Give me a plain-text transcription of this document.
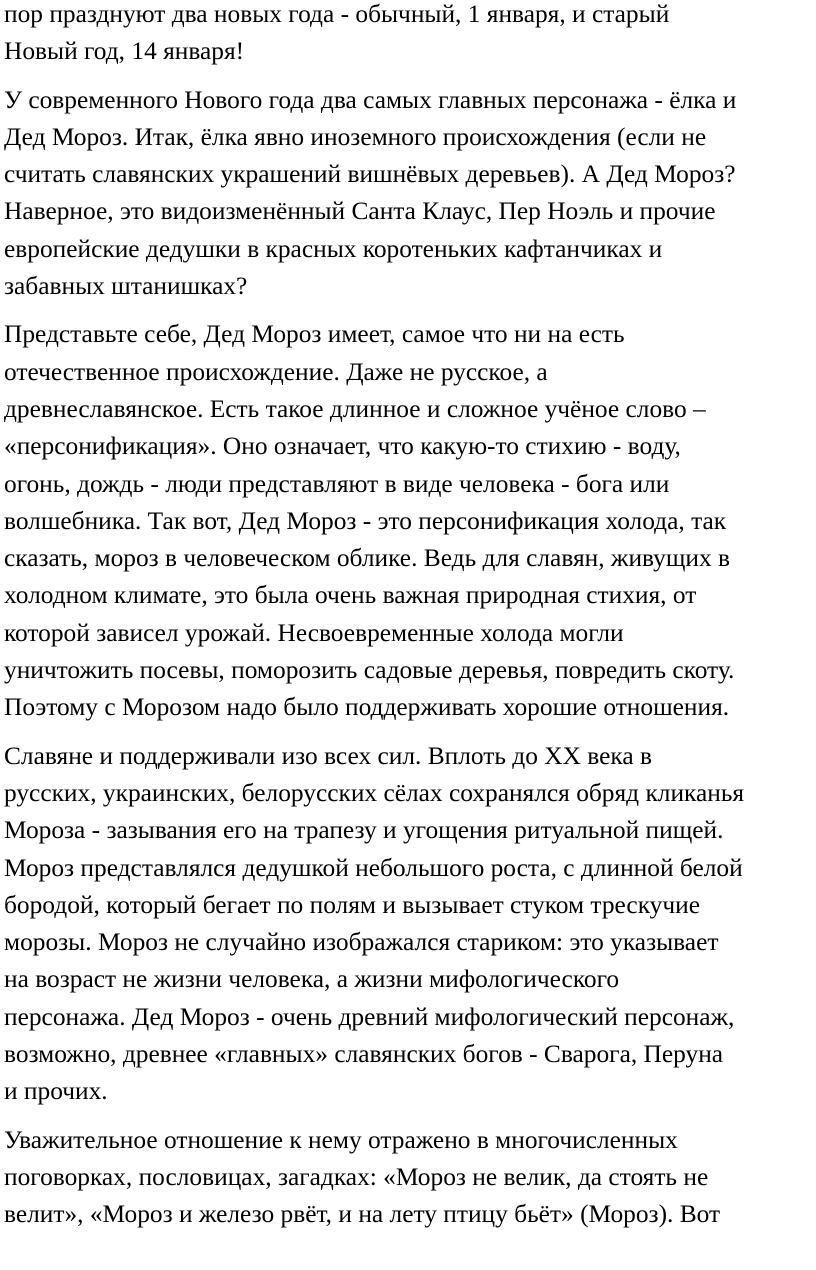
пор празднуют два новых года - обычный, 1 января, и старый
Новый год, 14 января!

У современного Нового года два самых главных персонажа - ёлка и
Дед Мороз. Итак, ёлка явно иноземного происхождения (если не
считать славянских украшений вишнёвых деревьев). А Дед Мороз?
Наверное, это видоизменённый Санта Клаус, Пер Ноэль и прочие
европейские дедушки в красных коротеньких кафтанчиках и
забавных штанишках?

Представьте себе, Дед Мороз имеет, самое что ни на есть
отечественное происхождение. Даже не русское, а
древнеславянское. Есть такое длинное и сложное учёное слово –
«персонификация». Оно означает, что какую-то стихию - воду,
огонь, дождь - люди представляют в виде человека - бога или
волшебника. Так вот, Дед Мороз - это персонификация холода, так
сказать, мороз в человеческом облике. Ведь для славян, живущих в
холодном климате, это была очень важная природная стихия, от
которой зависел урожай. Несвоевременные холода могли
уничтожить посевы, поморозить садовые деревья, повредить скоту.
Поэтому с Морозом надо было поддерживать хорошие отношения.

Славяне и поддерживали изо всех сил. Вплоть до XX века в
русских, украинских, белорусских сёлах сохранялся обряд кликанья
Мороза - зазывания его на трапезу и угощения ритуальной пищей.
Мороз представлялся дедушкой небольшого роста, с длинной белой
бородой, который бегает по полям и вызывает стуком трескучие
морозы. Мороз не случайно изображался стариком: это указывает
на возраст не жизни человека, а жизни мифологического
персонажа. Дед Мороз - очень древний мифологический персонаж,
возможно, древнее «главных» славянских богов - Сварога, Перуна
и прочих.

Уважительное отношение к нему отражено в многочисленных
поговорках, пословицах, загадках: «Мороз не велик, да стоять не
велит», «Мороз и железо рвёт, и на лету птицу бьёт» (Мороз). Вот
